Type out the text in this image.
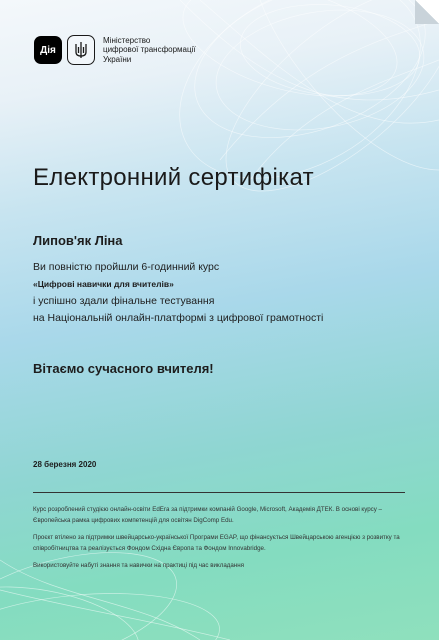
Дія
Міністерство
цифрової трансформації
України
Електронний сертифікат
Липов'як Ліна
Ви повністю пройшли 6-годинний курс
«Цифрові навички для вчителів»
і успішно здали фінальне тестування
на Національній онлайн-платформі з цифрової грамотності
Вітаємо сучасного вчителя!
28 березня 2020

Курс розроблений студією онлайн-освіти EdEra за підтримки компаній Google, Microsoft, Академія ДТЕК. В основі курсу – Європейська рамка цифрових компетенцій для освітян DigComp Edu.

Проєкт втілено за підтримки швейцарсько-української Програми EGAP, що фінансується Швейцарською агенцією з розвитку та співробітництва та реалізується Фондом Східна Європа та Фондом Innovabridge.

Використовуйте набуті знання та навички на практиці під час викладання
